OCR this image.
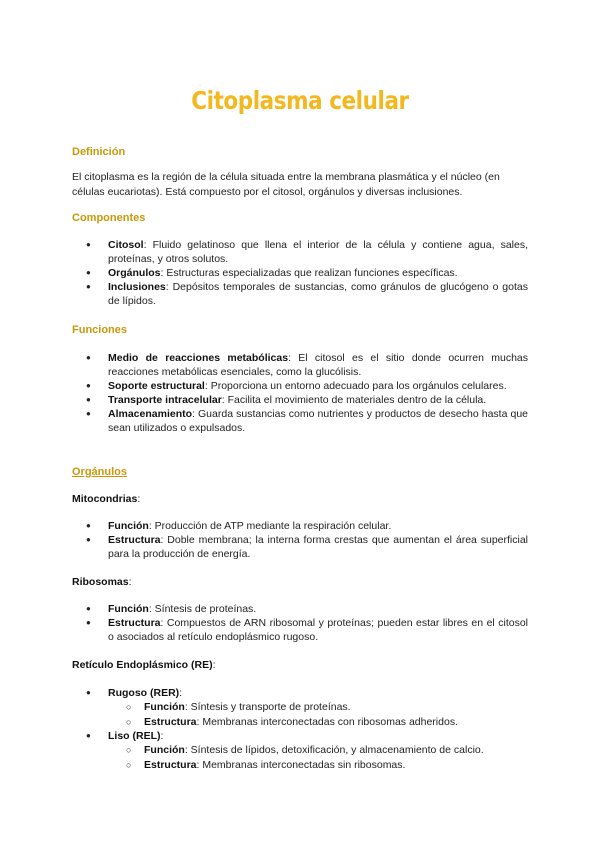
Citoplasma celular
Definición

El citoplasma es la región de la célula situada entre la membrana plasmática y el núcleo (en células eucariotas). Está compuesto por el citosol, orgánulos y diversas inclusiones.

Componentes
● Citosol: Fluido gelatinoso que llena el interior de la célula y contiene agua, sales, proteínas, y otros solutos.
● Orgánulos: Estructuras especializadas que realizan funciones específicas.
● Inclusiones: Depósitos temporales de sustancias, como gránulos de glucógeno o gotas de lípidos.
Funciones
● Medio de reacciones metabólicas: El citosol es el sitio donde ocurren muchas reacciones metabólicas esenciales, como la glucólisis.
● Soporte estructural: Proporciona un entorno adecuado para los orgánulos celulares.
● Transporte intracelular: Facilita el movimiento de materiales dentro de la célula.
● Almacenamiento: Guarda sustancias como nutrientes y productos de desecho hasta que sean utilizados o expulsados.
Orgánulos
Mitocondrias:
● Función: Producción de ATP mediante la respiración celular.
● Estructura: Doble membrana; la interna forma crestas que aumentan el área superficial para la producción de energía.
Ribosomas:
● Función: Síntesis de proteínas.
● Estructura: Compuestos de ARN ribosomal y proteínas; pueden estar libres en el citosol o asociados al retículo endoplásmico rugoso.
Retículo Endoplásmico (RE):
● Rugoso (RER):
○ Función: Síntesis y transporte de proteínas.
○ Estructura: Membranas interconectadas con ribosomas adheridos.
● Liso (REL):
○ Función: Síntesis de lípidos, detoxificación, y almacenamiento de calcio.
○ Estructura: Membranas interconectadas sin ribosomas.
